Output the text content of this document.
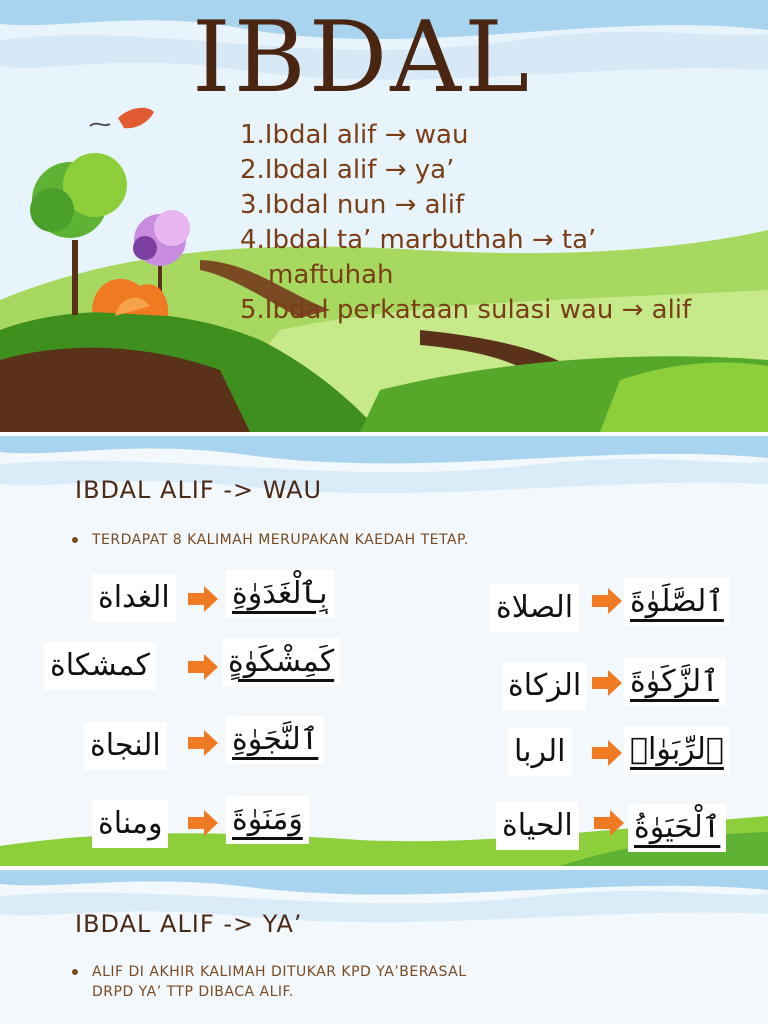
IBDAL
1.Ibdal alif → wau
2.Ibdal alif → ya’
3.Ibdal nun → alif
4.Ibdal ta’ marbuthah → ta’
maftuhah
5.Ibdal perkataan sulasi wau → alif
IBDAL ALIF -> WAU
TERDAPAT 8 KALIMAH MERUPAKAN KAEDAH TETAP.
الغداة بِٱلْغَدَوٰةِ
كمشكاة	كَمِشْكَوٰةٍ
النجاة ٱلنَّجَوٰةِ
ومناة وَمَنَوٰةَ
الصلاة ٱلصَّلَوٰةَ
الزكاة ٱلزَّكَوٰةَ
الربا ٱلرِّبَوٰا۟
الحياة ٱلْحَيَوٰةُ
IBDAL ALIF -> YA’
ALIF DI AKHIR KALIMAH DITUKAR KPD YA’BERASAL
DRPD YA’ TTP DIBACA ALIF.
